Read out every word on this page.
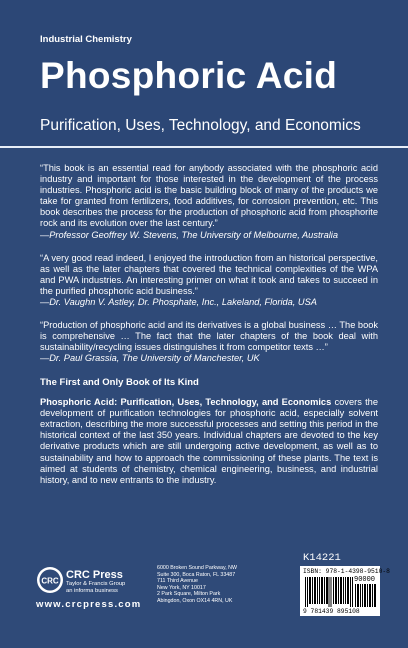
Industrial Chemistry
Phosphoric Acid
Purification, Uses, Technology, and Economics
“This book is an essential read for anybody associated with the phosphoric acid industry and important for those interested in the development of the process industries. Phosphoric acid is the basic building block of many of the products we take for granted from fertilizers, food additives, for corrosion prevention, etc. This book describes the process for the production of phosphoric acid from phosphorite rock and its evolution over the last century.”
—Professor Geoffrey W. Stevens, The University of Melbourne, Australia
“A very good read indeed, I enjoyed the introduction from an historical perspective, as well as the later chapters that covered the technical complexities of the WPA and PWA industries. An interesting primer on what it took and takes to succeed in the purified phosphoric acid business.”
—Dr. Vaughn V. Astley, Dr. Phosphate, Inc., Lakeland, Florida, USA
“Production of phosphoric acid and its derivatives is a global business … The book is comprehensive … The fact that the later chapters of the book deal with sustainability/recycling issues distinguishes it from competitor texts …”
—Dr. Paul Grassia, The University of Manchester, UK
The First and Only Book of Its Kind

Phosphoric Acid: Purification, Uses, Technology, and Economics covers the development of purification technologies for phosphoric acid, especially solvent extraction, describing the more successful processes and setting this period in the historical context of the last 350 years. Individual chapters are devoted to the key derivative products which are still undergoing active development, as well as to sustainability and how to approach the commissioning of these plants. The text is aimed at students of chemistry, chemical engineering, business, and industrial history, and to new entrants to the industry.

CRC CRC Press
Taylor & Francis Group
an informa business
www.crcpress.com
6000 Broken Sound Parkway, NW
Suite 300, Boca Raton, FL 33487
711 Third Avenue
New York, NY 10017
2 Park Square, Milton Park
Abingdon, Oxon OX14 4RN, UK
K14221
ISBN: 978-1-4398-9510-8
90000
9 781439 895108
